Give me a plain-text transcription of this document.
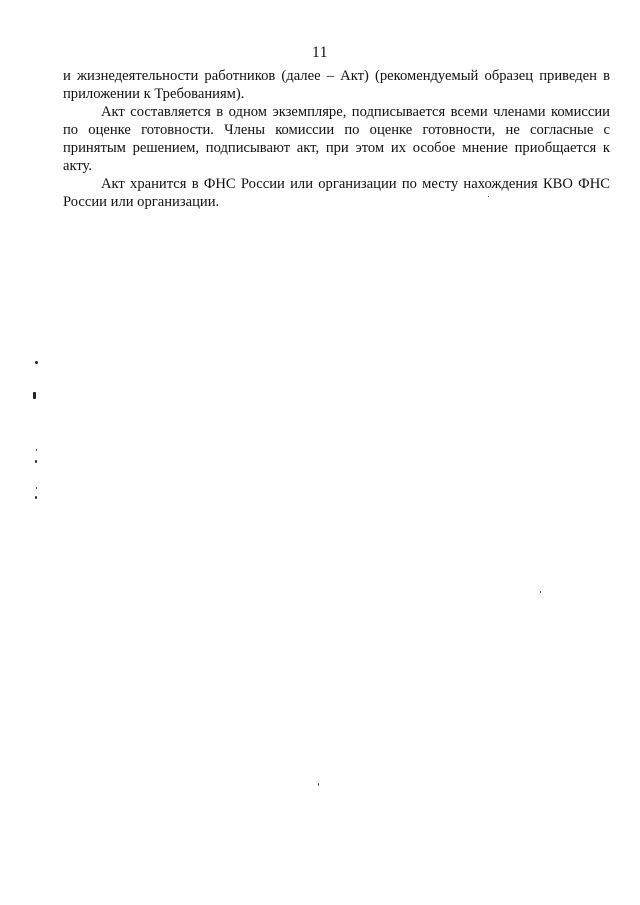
11

и жизнедеятельности работников (далее – Акт) (рекомендуемый образец приведен в приложении к Требованиям).

Акт составляется в одном экземпляре, подписывается всеми членами комиссии по оценке готовности. Члены комиссии по оценке готовности, не согласные с принятым решением, подписывают акт, при этом их особое мнение приобщается к акту.

Акт хранится в ФНС России или организации по месту нахождения КВО ФНС России или организации.
